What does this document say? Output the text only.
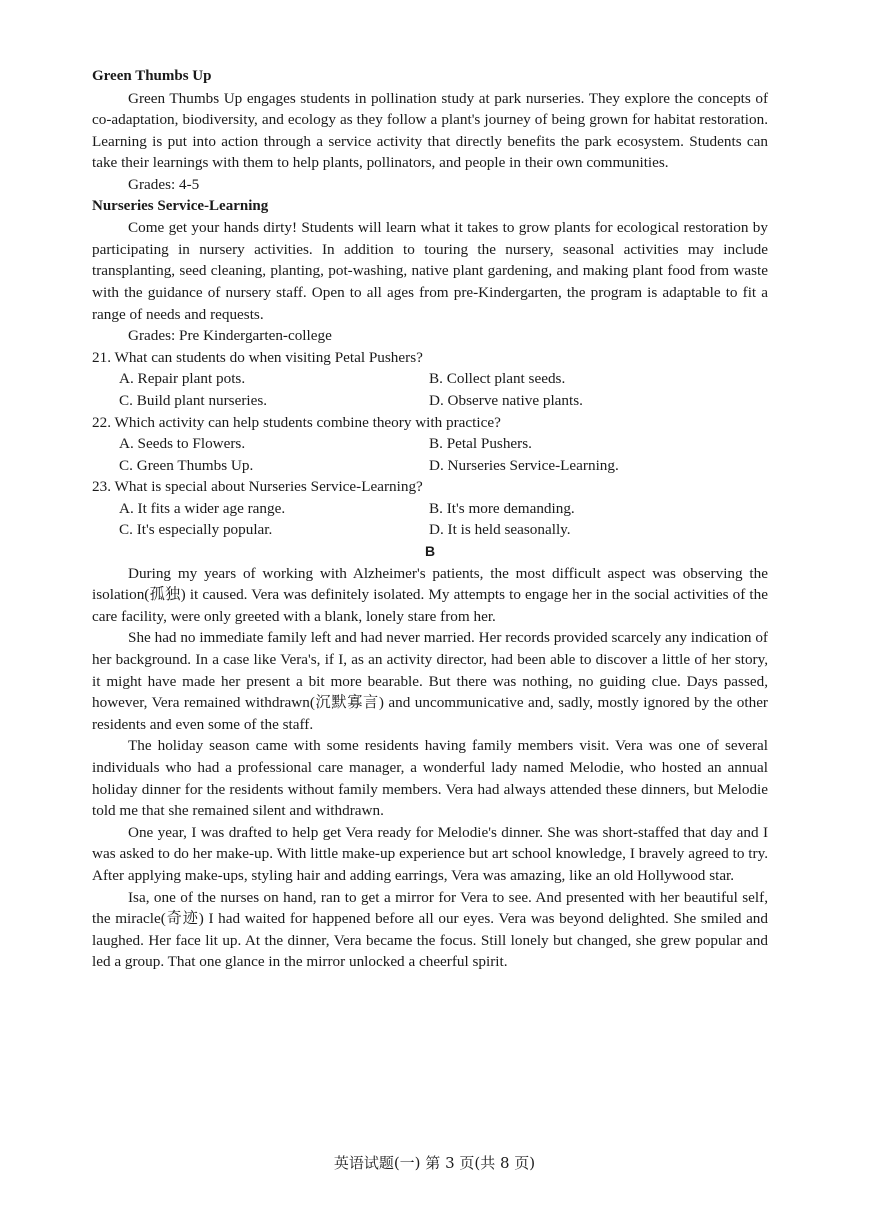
Green Thumbs Up

Green Thumbs Up engages students in pollination study at park nurseries. They explore the concepts of co-adaptation, biodiversity, and ecology as they follow a plant's journey of being grown for habitat restoration. Learning is put into action through a service activity that directly benefits the park ecosystem. Students can take their learnings with them to help plants, pollinators, and people in their own communities.

Grades: 4-5

Nurseries Service-Learning

Come get your hands dirty! Students will learn what it takes to grow plants for ecological restoration by participating in nursery activities. In addition to touring the nursery, seasonal activities may include transplanting, seed cleaning, planting, pot-washing, native plant gardening, and making plant food from waste with the guidance of nursery staff. Open to all ages from pre-Kindergarten, the program is adaptable to fit a range of needs and requests.

Grades: Pre Kindergarten-college

21. What can students do when visiting Petal Pushers?

A. Repair plant pots.	B. Collect plant seeds.

C. Build plant nurseries.	D. Observe native plants.

22. Which activity can help students combine theory with practice?

A. Seeds to Flowers.	B. Petal Pushers.

C. Green Thumbs Up.	D. Nurseries Service-Learning.

23. What is special about Nurseries Service-Learning?

A. It fits a wider age range.	B. It's more demanding.

C. It's especially popular.	D. It is held seasonally.

B

During my years of working with Alzheimer's patients, the most difficult aspect was observing the isolation(孤独) it caused. Vera was definitely isolated. My attempts to engage her in the social activities of the care facility, were only greeted with a blank, lonely stare from her.

She had no immediate family left and had never married. Her records provided scarcely any indication of her background. In a case like Vera's, if I, as an activity director, had been able to discover a little of her story, it might have made her present a bit more bearable. But there was nothing, no guiding clue. Days passed, however, Vera remained withdrawn(沉默寡言) and uncommunicative and, sadly, mostly ignored by the other residents and even some of the staff.

The holiday season came with some residents having family members visit. Vera was one of several individuals who had a professional care manager, a wonderful lady named Melodie, who hosted an annual holiday dinner for the residents without family members. Vera had always attended these dinners, but Melodie told me that she remained silent and withdrawn.

One year, I was drafted to help get Vera ready for Melodie's dinner. She was short-staffed that day and I was asked to do her make-up. With little make-up experience but art school knowledge, I bravely agreed to try. After applying make-ups, styling hair and adding earrings, Vera was amazing, like an old Hollywood star.

Isa, one of the nurses on hand, ran to get a mirror for Vera to see. And presented with her beautiful self, the miracle(奇迹) I had waited for happened before all our eyes. Vera was beyond delighted. She smiled and laughed. Her face lit up. At the dinner, Vera became the focus. Still lonely but changed, she grew popular and led a group. That one glance in the mirror unlocked a cheerful spirit.

英语试题(一) 第 3 页(共 8 页)
